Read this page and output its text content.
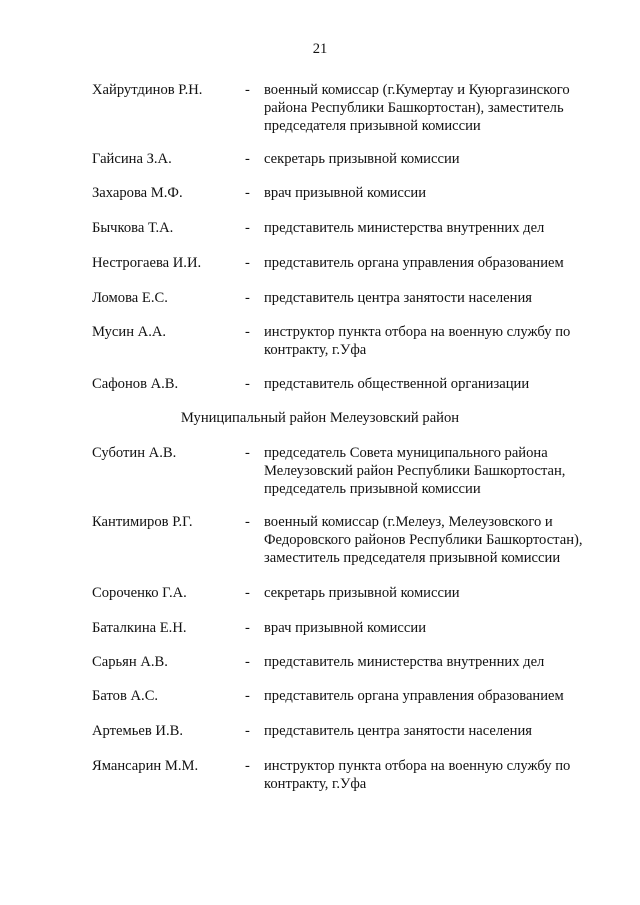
21
Хайрутдинов Р.Н.	- военный комиссар (г.Кумертау и Куюргазинского
района Республики Башкортостан), заместитель
председателя призывной комиссии
Гайсина З.А.	- секретарь призывной комиссии
Захарова М.Ф.	- врач призывной комиссии
Бычкова Т.А.	- представитель министерства внутренних дел
Нестрогаева И.И.	- представитель органа управления образованием
Ломова Е.С.	- представитель центра занятости населения
Мусин А.А.	- инструктор пункта отбора на военную службу по
контракту, г.Уфа
Сафонов А.В.	- представитель общественной организации
Муниципальный район Мелеузовский район
Суботин А.В.	- председатель Совета муниципального района
Мелеузовский район Республики Башкортостан,
председатель призывной комиссии
Кантимиров Р.Г.	- военный комиссар (г.Мелеуз, Мелеузовского и
Федоровского районов Республики Башкортостан),
заместитель председателя призывной комиссии
Сороченко Г.А.	- секретарь призывной комиссии
Баталкина Е.Н.	- врач призывной комиссии
Сарьян А.В.	- представитель министерства внутренних дел
Батов А.С.	- представитель органа управления образованием
Артемьев И.В.	- представитель центра занятости населения
Ямансарин М.М.	- инструктор пункта отбора на военную службу по
контракту, г.Уфа
